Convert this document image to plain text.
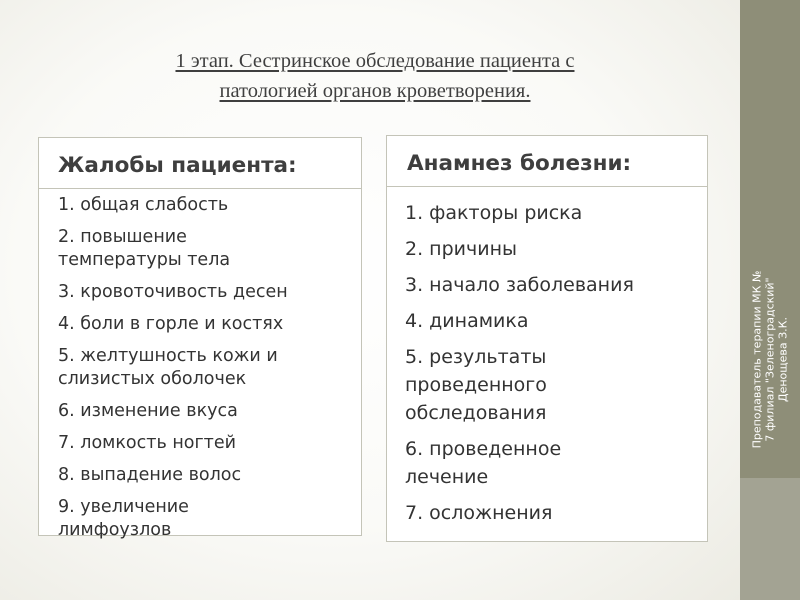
Преподаватель терапии МК №
7 филиал "Зеленоградский"
Денощева З.К.
1 этап. Сестринское обследование пациента с
патологией органов кроветворения.
Жалобы пациента:
1. общая слабость
2. повышение
температуры тела
3. кровоточивость десен
4. боли в горле и костях
5. желтушность кожи и
слизистых оболочек
6. изменение вкуса
7. ломкость ногтей
8. выпадение волос
9. увеличение
лимфоузлов
Анамнез болезни:
1. факторы риска
2. причины
3. начало заболевания
4. динамика
5. результаты
проведенного
обследования
6. проведенное
лечение
7. осложнения
